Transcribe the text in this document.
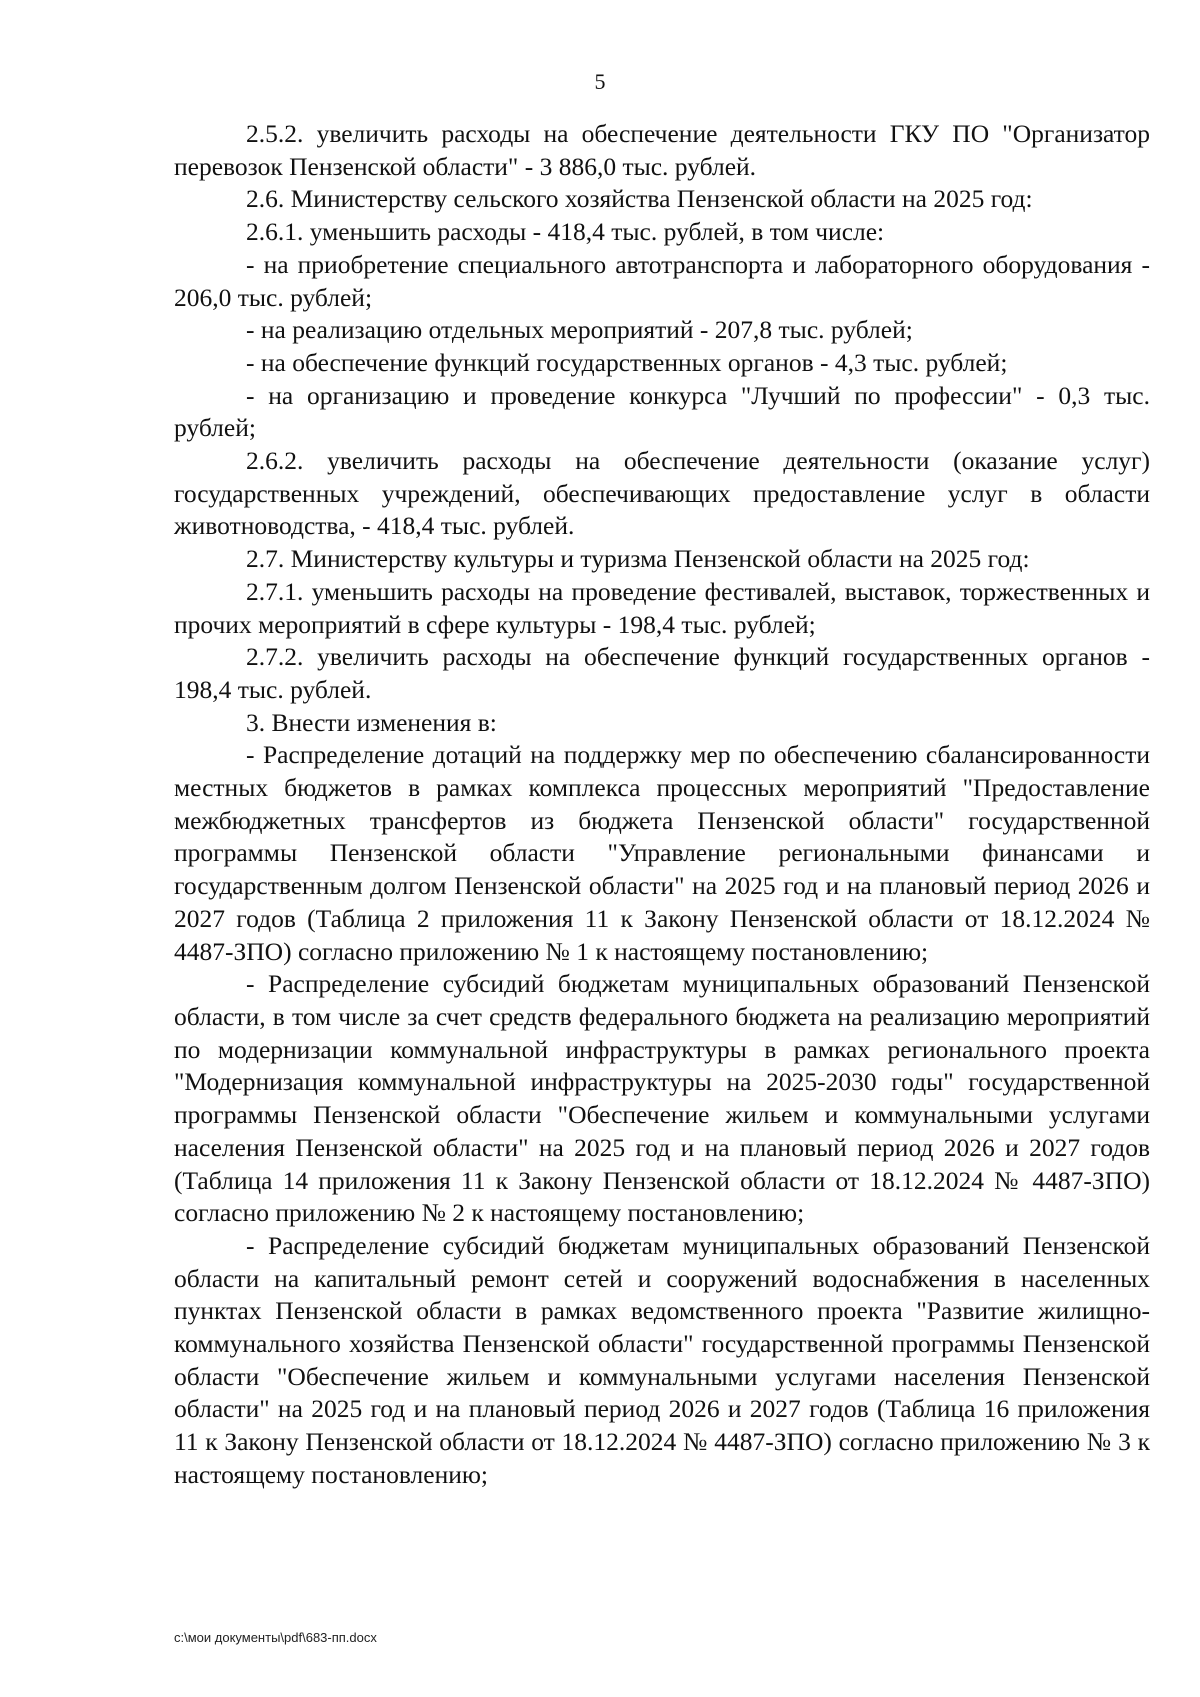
5

2.5.2. увеличить расходы на обеспечение деятельности ГКУ ПО "Организатор перевозок Пензенской области" - 3 886,0 тыс. рублей.

2.6. Министерству сельского хозяйства Пензенской области на 2025 год:

2.6.1. уменьшить расходы - 418,4 тыс. рублей, в том числе:

- на приобретение специального автотранспорта и лабораторного оборудования - 206,0 тыс. рублей;

- на реализацию отдельных мероприятий - 207,8 тыс. рублей;

- на обеспечение функций государственных органов - 4,3 тыс. рублей;

- на организацию и проведение конкурса "Лучший по профессии" - 0,3 тыс. рублей;

2.6.2. увеличить расходы на обеспечение деятельности (оказание услуг) государственных учреждений, обеспечивающих предоставление услуг в области животноводства, - 418,4 тыс. рублей.

2.7. Министерству культуры и туризма Пензенской области на 2025 год:

2.7.1. уменьшить расходы на проведение фестивалей, выставок, торжественных и прочих мероприятий в сфере культуры - 198,4 тыс. рублей;

2.7.2. увеличить расходы на обеспечение функций государственных органов - 198,4 тыс. рублей.

3. Внести изменения в:

- Распределение дотаций на поддержку мер по обеспечению сбалансированности местных бюджетов в рамках комплекса процессных мероприятий "Предоставление межбюджетных трансфертов из бюджета Пензенской области" государственной программы Пензенской области "Управление региональными финансами и государственным долгом Пензенской области" на 2025 год и на плановый период 2026 и 2027 годов (Таблица 2 приложения 11 к Закону Пензенской области от 18.12.2024 № 4487-ЗПО) согласно приложению № 1 к настоящему постановлению;

- Распределение субсидий бюджетам муниципальных образований Пензенской области, в том числе за счет средств федерального бюджета на реализацию мероприятий по модернизации коммунальной инфраструктуры в рамках регионального проекта "Модернизация коммунальной инфраструктуры на 2025-2030 годы" государственной программы Пензенской области "Обеспечение жильем и коммунальными услугами населения Пензенской области" на 2025 год и на плановый период 2026 и 2027 годов (Таблица 14 приложения 11 к Закону Пензенской области от 18.12.2024 № 4487-ЗПО) согласно приложению № 2 к настоящему постановлению;

- Распределение субсидий бюджетам муниципальных образований Пензенской области на капитальный ремонт сетей и сооружений водоснабжения в населенных пунктах Пензенской области в рамках ведомственного проекта "Развитие жилищно-коммунального хозяйства Пензенской области" государственной программы Пензенской области "Обеспечение жильем и коммунальными услугами населения Пензенской области" на 2025 год и на плановый период 2026 и 2027 годов (Таблица 16 приложения 11 к Закону Пензенской области от 18.12.2024 № 4487-ЗПО) согласно приложению № 3 к настоящему постановлению;

c:\мои документы\pdf\683-пп.docx
